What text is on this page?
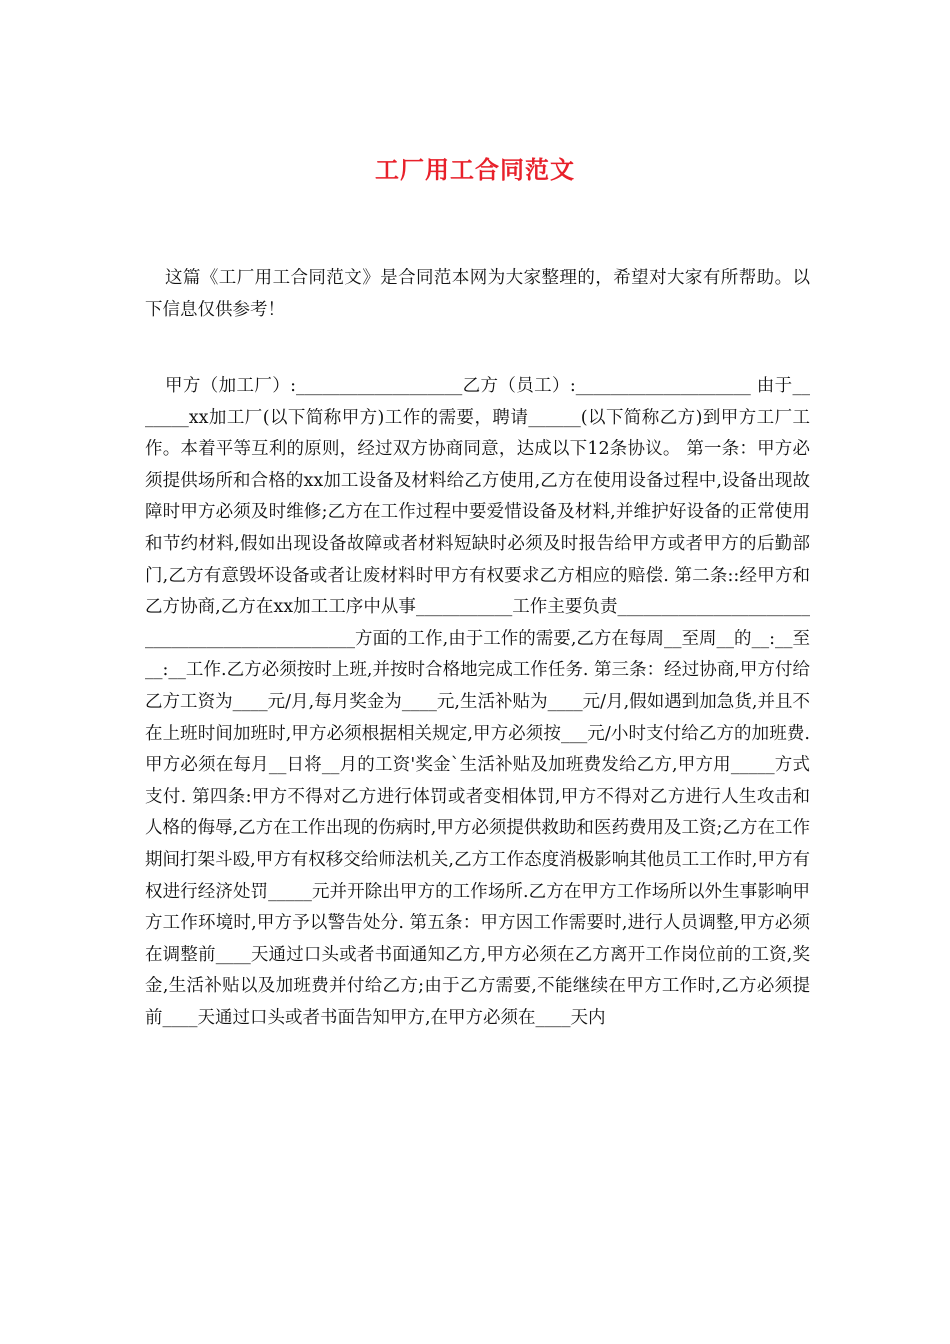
工厂用工合同范文
这篇《工厂用工合同范文》是合同范本网为大家整理的，希望对大家有所帮助。以下信息仅供参考！
甲方（加工厂）:___________________乙方（员工）:____________________ 由于_______xx加工厂(以下简称甲方)工作的需要，聘请______(以下简称乙方)到甲方工厂工作。本着平等互利的原则，经过双方协商同意，达成以下12条协议。 第一条：甲方必须提供场所和合格的xx加工设备及材料给乙方使用,乙方在使用设备过程中,设备出现故障时甲方必须及时维修;乙方在工作过程中要爱惜设备及材料,并维护好设备的正常使用和节约材料,假如出现设备故障或者材料短缺时必须及时报告给甲方或者甲方的后勤部门,乙方有意毁坏设备或者让废材料时甲方有权要求乙方相应的赔偿. 第二条::经甲方和乙方协商,乙方在xx加工工序中从事___________工作主要负责______________________________________________方面的工作,由于工作的需要,乙方在每周__至周__的__:__至__:__工作.乙方必须按时上班,并按时合格地完成工作任务. 第三条：经过协商,甲方付给乙方工资为____元/月,每月奖金为____元,生活补贴为____元/月,假如遇到加急货,并且不在上班时间加班时,甲方必须根据相关规定,甲方必须按___元/小时支付给乙方的加班费.甲方必须在每月__日将__月的工资'奖金`生活补贴及加班费发给乙方,甲方用_____方式支付. 第四条:甲方不得对乙方进行体罚或者变相体罚,甲方不得对乙方进行人生攻击和人格的侮辱,乙方在工作出现的伤病时,甲方必须提供救助和医药费用及工资;乙方在工作期间打架斗殴,甲方有权移交给师法机关,乙方工作态度消极影响其他员工工作时,甲方有权进行经济处罚_____元并开除出甲方的工作场所.乙方在甲方工作场所以外生事影响甲方工作环境时,甲方予以警告处分. 第五条：甲方因工作需要时,进行人员调整,甲方必须在调整前____天通过口头或者书面通知乙方,甲方必须在乙方离开工作岗位前的工资,奖金,生活补贴以及加班费并付给乙方;由于乙方需要,不能继续在甲方工作时,乙方必须提前____天通过口头或者书面告知甲方,在甲方必须在____天内
